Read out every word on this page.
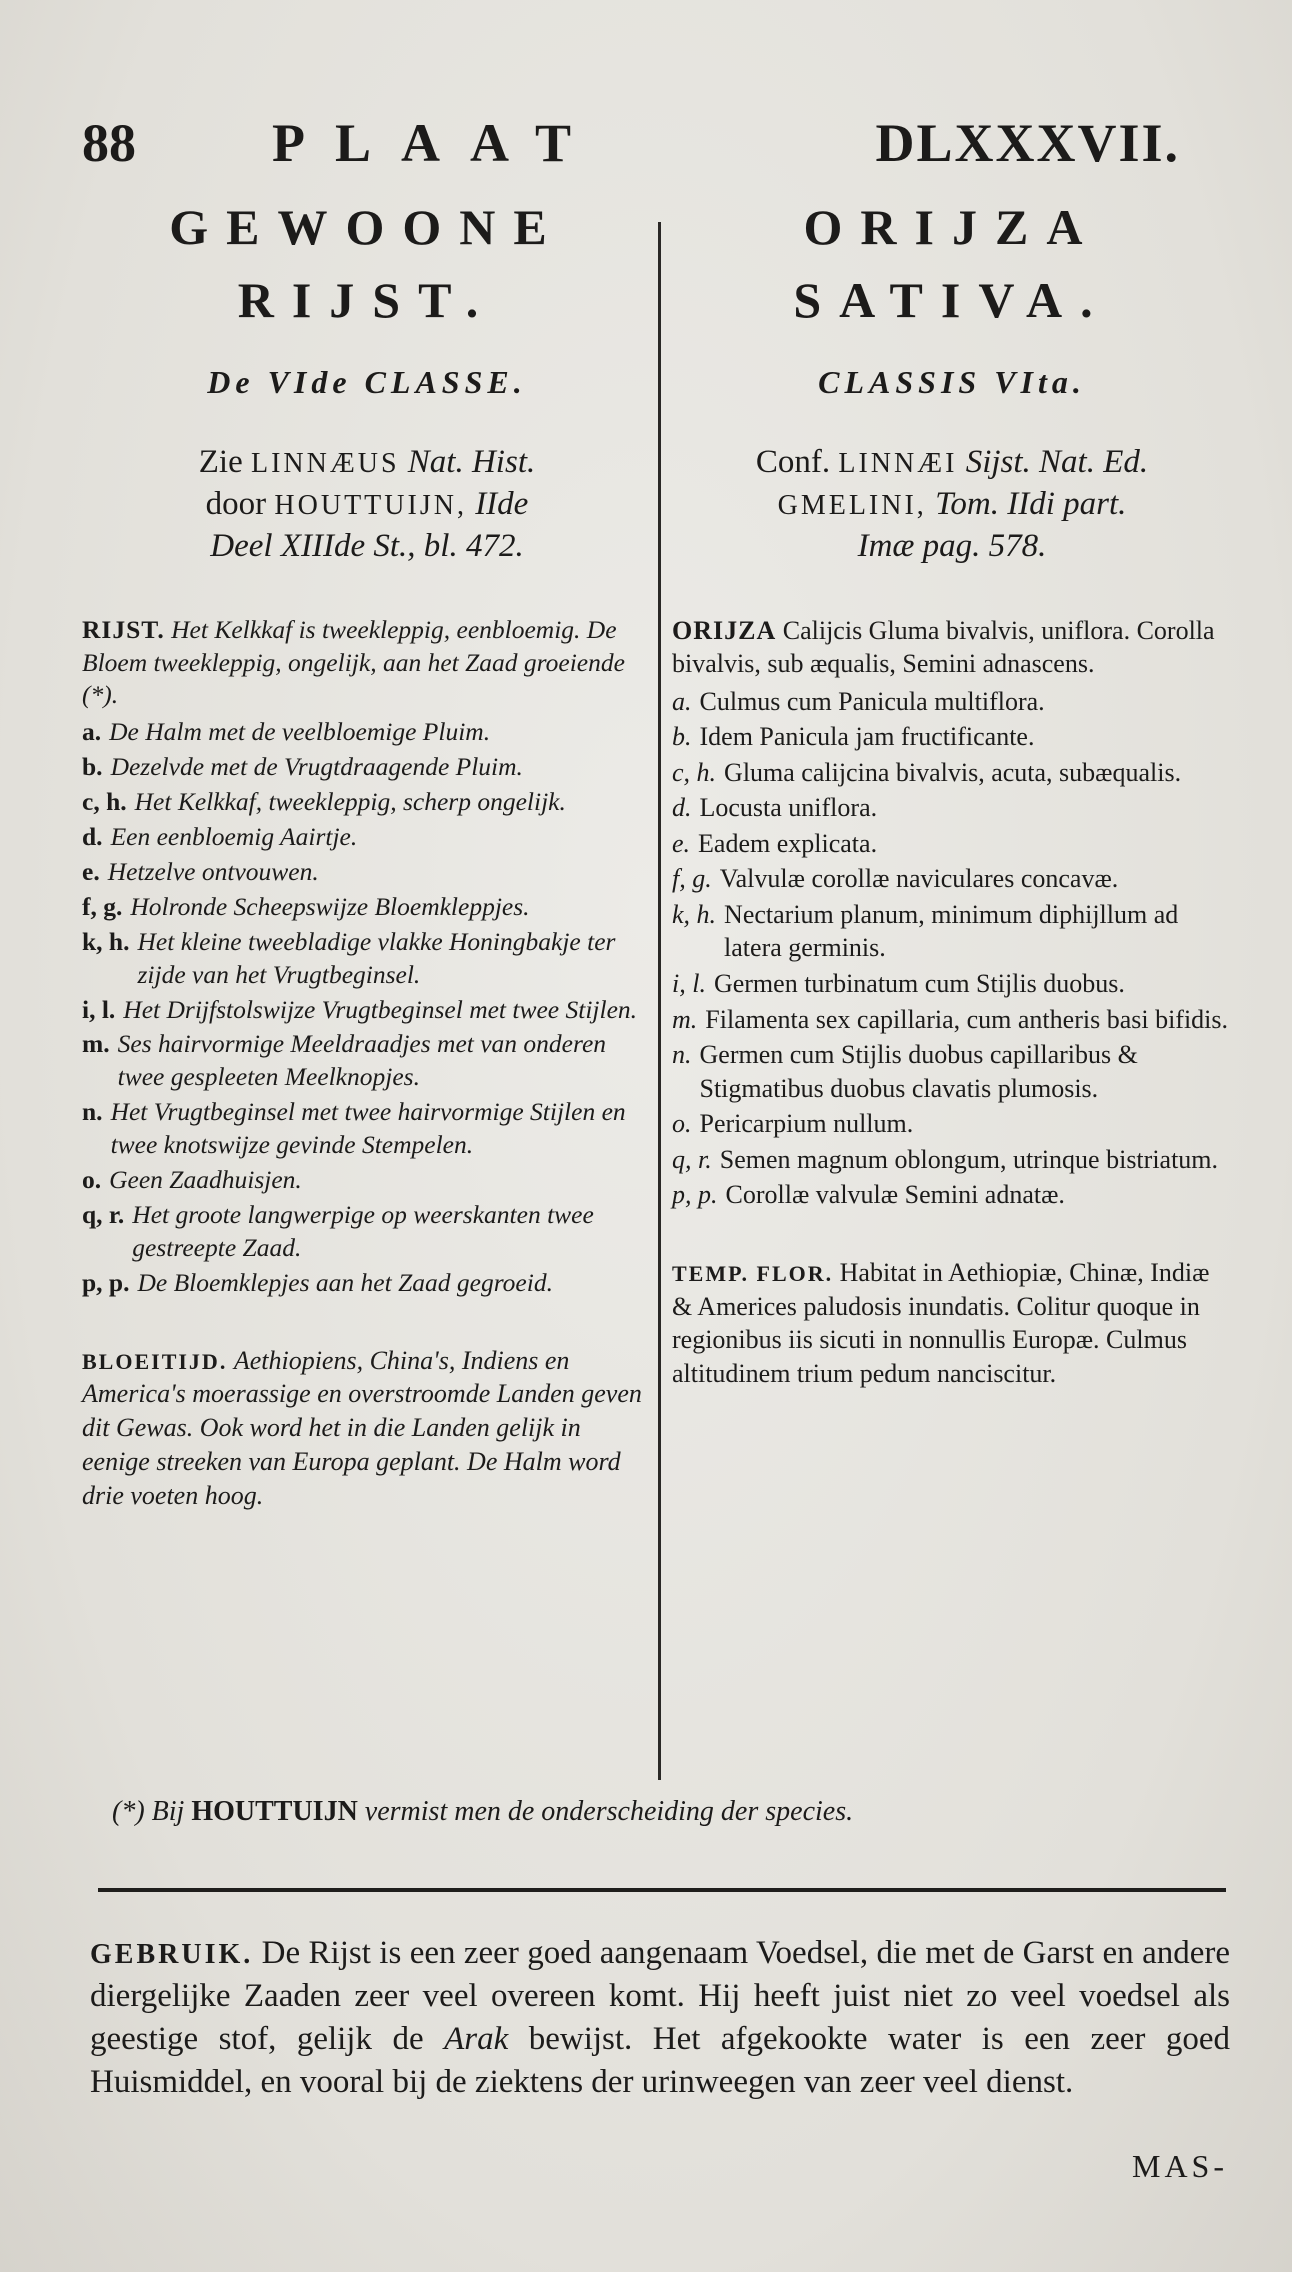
88	PLAAT	DLXXXVII.
GEWOONE
RIJST.
De VIde CLASSE.
Zie LINNÆUS Nat. Hist.
door HOUTTUIJN, IIde
Deel XIIIde St., bl. 472.
RIJST. Het Kelkkaf is tweekleppig, eenbloemig. De Bloem tweekleppig, ongelijk, aan het Zaad groeiende (*).
a. De Halm met de veelbloemige Pluim.
b. Dezelvde met de Vrugtdraagende Pluim.
c, h. Het Kelkkaf, tweekleppig, scherp ongelijk.
d. Een eenbloemig Aairtje.
e. Hetzelve ontvouwen.
f, g. Holronde Scheepswijze Bloemkleppjes.
k, h. Het kleine tweebladige vlakke Honingbakje ter zijde van het Vrugtbeginsel.
i, l. Het Drijfstolswijze Vrugtbeginsel met twee Stijlen.
m. Ses hairvormige Meeldraadjes met van onderen twee gespleeten Meelknopjes.
n. Het Vrugtbeginsel met twee hairvormige Stijlen en twee knotswijze gevinde Stempelen.
o. Geen Zaadhuisjen.
q, r. Het groote langwerpige op weerskanten twee gestreepte Zaad.
p, p. De Bloemklepjes aan het Zaad gegroeid.
BLOEITIJD. Aethiopiens, China's, Indiens en America's moerassige en overstroomde Landen geven dit Gewas. Ook word het in die Landen gelijk in eenige streeken van Europa geplant. De Halm word drie voeten hoog.
ORIJZA
SATIVA.
CLASSIS VIta.
Conf. LINNÆI Sijst. Nat. Ed.
GMELINI, Tom. IIdi part.
Imæ pag. 578.
ORIJZA Calijcis Gluma bivalvis, uniflora. Corolla bivalvis, sub æqualis, Semini adnascens.
a. Culmus cum Panicula multiflora.
b. Idem Panicula jam fructificante.
c, h. Gluma calijcina bivalvis, acuta, subæqualis.
d. Locusta uniflora.
e. Eadem explicata.
f, g. Valvulæ corollæ naviculares concavæ.
k, h. Nectarium planum, minimum diphijllum ad latera germinis.
i, l. Germen turbinatum cum Stijlis duobus.
m. Filamenta sex capillaria, cum antheris basi bifidis.
n. Germen cum Stijlis duobus capillaribus & Stigmatibus duobus clavatis plumosis.
o. Pericarpium nullum.
q, r. Semen magnum oblongum, utrinque bistriatum.
p, p. Corollæ valvulæ Semini adnatæ.
TEMP. FLOR. Habitat in Aethiopiæ, Chinæ, Indiæ & Americes paludosis inundatis. Colitur quoque in regionibus iis sicuti in nonnullis Europæ. Culmus altitudinem trium pedum nanciscitur.
(*) Bij HOUTTUIJN vermist men de onderscheiding der species.
GEBRUIK. De Rijst is een zeer goed aangenaam Voedsel, die met de Garst en andere diergelijke Zaaden zeer veel overeen komt. Hij heeft juist niet zo veel voedsel als geestige stof, gelijk de Arak bewijst. Het afgekookte water is een zeer goed Huismiddel, en vooral bij de ziektens der urinweegen van zeer veel dienst.
MAS-
